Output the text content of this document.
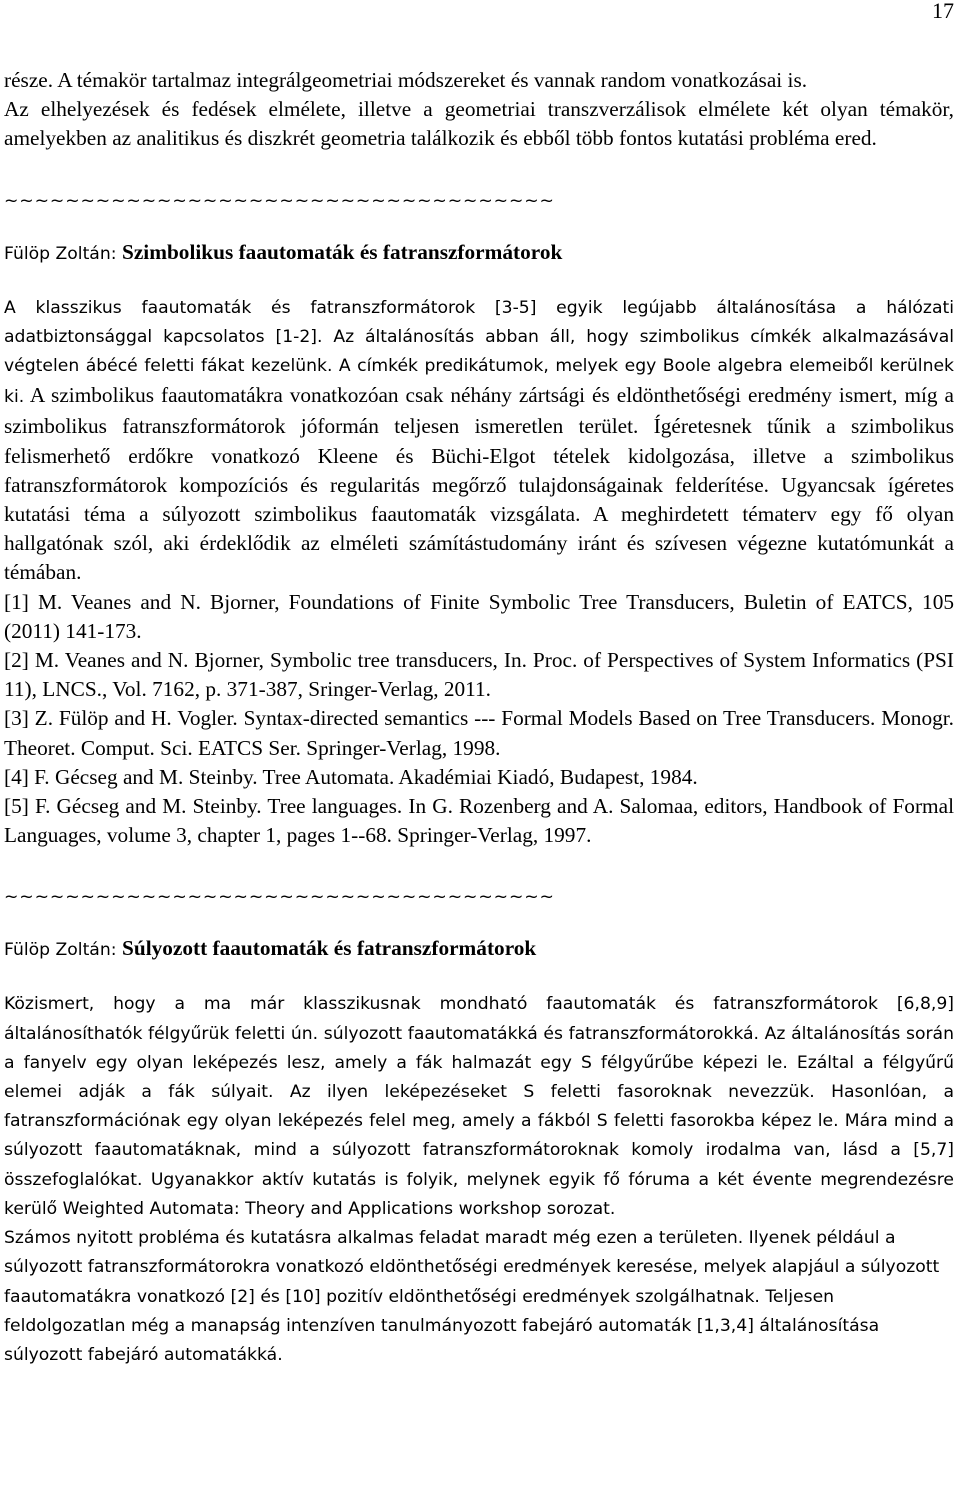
17

része. A témakör tartalmaz integrálgeometriai módszereket és vannak random vonatkozásai is.

Az elhelyezések és fedések elmélete, illetve a geometriai transzverzálisok elmélete két olyan témakör, amelyekben az analitikus és diszkrét geometria találkozik és ebből több fontos kutatási probléma ered.

~~~~~~~~~~~~~~~~~~~~~~~~~~~~~~~~~~~~
Fülöp Zoltán: Szimbolikus faautomaták és fatranszformátorok

A klasszikus faautomaták és fatranszformátorok [3-5] egyik legújabb általánosítása a hálózati adatbiztonsággal kapcsolatos [1-2]. Az általánosítás abban áll, hogy szimbolikus címkék alkalmazásával végtelen ábécé feletti fákat kezelünk. A címkék predikátumok, melyek egy Boole algebra elemeiből kerülnek ki. A szimbolikus faautomatákra vonatkozóan csak néhány zártsági és eldönthetőségi eredmény ismert, míg a szimbolikus fatranszformátorok jóformán teljesen ismeretlen terület. Ígéretesnek tűnik a szimbolikus felismerhető erdőkre vonatkozó Kleene és Büchi-Elgot tételek kidolgozása, illetve a szimbolikus fatranszformátorok kompozíciós és regularitás megőrző tulajdonságainak felderítése. Ugyancsak ígéretes kutatási téma a súlyozott szimbolikus faautomaták vizsgálata. A meghirdetett tématerv egy fő olyan hallgatónak szól, aki érdeklődik az elméleti számítástudomány iránt és szívesen végezne kutatómunkát a témában.

[1] M. Veanes and N. Bjorner, Foundations of Finite Symbolic Tree Transducers, Buletin of EATCS, 105 (2011) 141-173.
[2] M. Veanes and N. Bjorner, Symbolic tree transducers, In. Proc. of Perspectives of System Informatics (PSI 11), LNCS., Vol. 7162, p. 371-387, Sringer-Verlag, 2011.
[3] Z. Fülöp and H. Vogler. Syntax-directed semantics --- Formal Models Based on Tree Transducers. Monogr. Theoret. Comput. Sci. EATCS Ser. Springer-Verlag, 1998.
[4] F. Gécseg and M. Steinby. Tree Automata. Akadémiai Kiadó, Budapest, 1984.
[5] F. Gécseg and M. Steinby. Tree languages. In G. Rozenberg and A. Salomaa, editors, Handbook of Formal Languages, volume 3, chapter 1, pages 1--68. Springer-Verlag, 1997.
~~~~~~~~~~~~~~~~~~~~~~~~~~~~~~~~~~~~
Fülöp Zoltán: Súlyozott faautomaták és fatranszformátorok

Közismert, hogy a ma már klasszikusnak mondható faautomaták és fatranszformátorok [6,8,9] általánosíthatók félgyűrük feletti ún. súlyozott faautomatákká és fatranszformátorokká. Az általánosítás során a fanyelv egy olyan leképezés lesz, amely a fák halmazát egy S félgyűrűbe képezi le. Ezáltal a félgyűrű elemei adják a fák súlyait. Az ilyen leképezéseket S feletti fasoroknak nevezzük. Hasonlóan, a fatranszformációnak egy olyan leképezés felel meg, amely a fákból S feletti fasorokba képez le. Mára mind a súlyozott faautomatáknak, mind a súlyozott fatranszformátoroknak komoly irodalma van, lásd a [5,7] összefoglalókat. Ugyanakkor aktív kutatás is folyik, melynek egyik fő fóruma a két évente megrendezésre kerülő Weighted Automata: Theory and Applications workshop sorozat.

Számos nyitott probléma és kutatásra alkalmas feladat maradt még ezen a területen. Ilyenek például a súlyozott fatranszformátorokra vonatkozó eldönthetőségi eredmények keresése, melyek alapjául a súlyozott faautomatákra vonatkozó [2] és [10] pozitív eldönthetőségi eredmények szolgálhatnak. Teljesen feldolgozatlan még a manapság intenzíven tanulmányozott fabejáró automaták [1,3,4] általánosítása súlyozott fabejáró automatákká.
